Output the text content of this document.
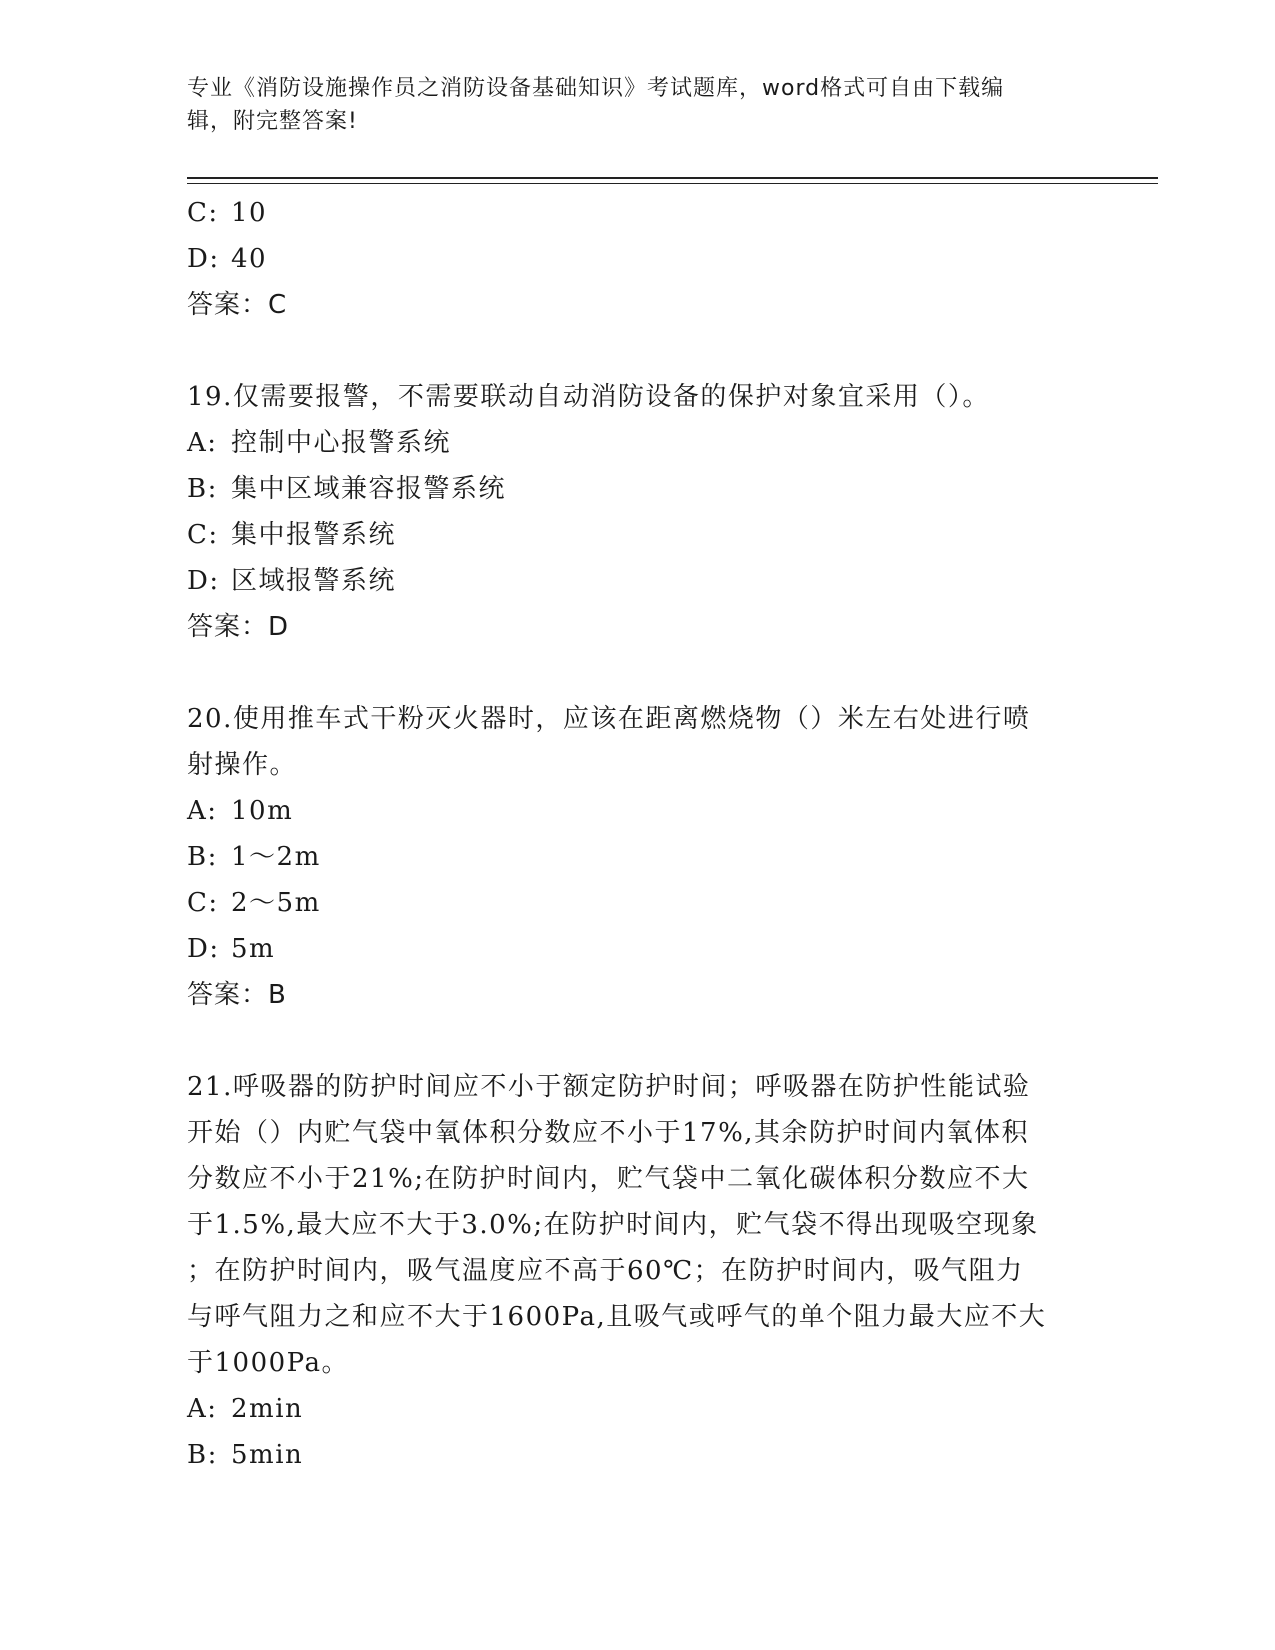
专业《消防设施操作员之消防设备基础知识》考试题库，word格式可自由下载编
辑，附完整答案!
C: 10
D: 40
答案：C
19.仅需要报警，不需要联动自动消防设备的保护对象宜采用（）。
A: 控制中心报警系统
B: 集中区域兼容报警系统
C: 集中报警系统
D: 区域报警系统
答案：D
20.使用推车式干粉灭火器时，应该在距离燃烧物（）米左右处进行喷
射操作。
A: 10m
B: 1～2m
C: 2～5m
D: 5m
答案：B
21.呼吸器的防护时间应不小于额定防护时间；呼吸器在防护性能试验
开始（）内贮气袋中氧体积分数应不小于17%,其余防护时间内氧体积
分数应不小于21%;在防护时间内，贮气袋中二氧化碳体积分数应不大
于1.5%,最大应不大于3.0%;在防护时间内，贮气袋不得出现吸空现象
；在防护时间内，吸气温度应不高于60℃；在防护时间内，吸气阻力
与呼气阻力之和应不大于1600Pa,且吸气或呼气的单个阻力最大应不大
于1000Pa。
A: 2min
B: 5min
